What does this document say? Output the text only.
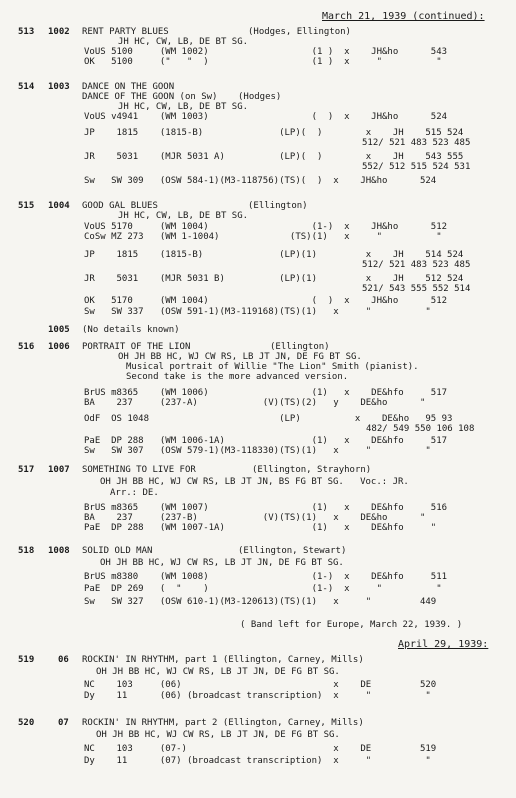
March 21, 1939 (continued):
513 1002 RENT PARTY BLUES	(Hodges, Ellington)
JH HC, CW, LB, DE BT SG.
VoUS 5100     (WM 1002)                   (1 )  x    JH&ho      543
OK   5100     ("   "  )                   (1 )  x     "          "
514 1003 DANCE ON THE GOON
DANCE OF THE GOON (on Sw) (Hodges)
JH HC, CW, LB, DE BT SG.
VoUS v4941    (WM 1003)                   (  )  x    JH&ho      524
JP    1815    (1815-B)              (LP)(  )        x    JH    515 524
512/ 521 483 523 485
JR    5031    (MJR 5031 A)          (LP)(  )        x    JH    543 555
552/ 512 515 524 531
Sw   SW 309   (OSW 584-1)(M3-118756)(TS)(  )  x    JH&ho      524
515 1004 GOOD GAL BLUES	(Ellington)
JH HC, CW, LB, DE BT SG.
VoUS 5170     (WM 1004)                   (1-)  x    JH&ho      512
CoSw MZ 273   (WM 1-1004)             (TS)(1)   x     "          "
JP    1815    (1815-B)              (LP)(1)         x    JH    514 524
512/ 521 483 523 485
JR    5031    (MJR 5031 B)          (LP)(1)         x    JH    512 524
521/ 543 555 552 514
OK   5170     (WM 1004)                   (  )  x    JH&ho      512
Sw   SW 337   (OSW 591-1)(M3-119168)(TS)(1)   x     "          "
1005 (No details known)
516 1006 PORTRAIT OF THE LION	(Ellington)
OH JH BB HC, WJ CW RS, LB JT JN, DE FG BT SG.
Musical portrait of Willie "The Lion" Smith (pianist).
Second take is the more advanced version.
BrUS m8365    (WM 1006)                   (1)   x    DE&hfo     517
BA    237     (237-A)            (V)(TS)(2)   y    DE&ho      "
OdF  OS 1048                        (LP)          x    DE&ho   95 93
482/ 549 550 106 108
PaE  DP 288   (WM 1006-1A)                (1)   x    DE&hfo     517
Sw   SW 307   (OSW 579-1)(M3-118330)(TS)(1)   x     "          "
517 1007 SOMETHING TO LIVE FOR	(Ellington, Strayhorn)
OH JH BB HC, WJ CW RS, LB JT JN, BS FG BT SG.   Voc.: JR.
Arr.: DE.
BrUS m8365    (WM 1007)                   (1)   x    DE&hfo     516
BA    237     (237-B)            (V)(TS)(1)   x    DE&ho      "
PaE  DP 288   (WM 1007-1A)                (1)   x    DE&hfo     "
518 1008 SOLID OLD MAN	(Ellington, Stewart)
OH JH BB HC, WJ CW RS, LB JT JN, DE FG BT SG.
BrUS m8380    (WM 1008)                   (1-)  x    DE&hfo     511
PaE  DP 269   (  "    )                   (1-)  x     "          "
Sw   SW 327   (OSW 610-1)(M3-120613)(TS)(1)   x     "         449
( Band left for Europe, March 22, 1939. )
April 29, 1939:
519	06 ROCKIN' IN RHYTHM, part 1 (Ellington, Carney, Mills)
OH JH BB HC, WJ CW RS, LB JT JN, DE FG BT SG.
NC    103     (06)                            x    DE         520
Dy    11      (06) (broadcast transcription)  x     "          "
520	07 ROCKIN' IN RHYTHM, part 2 (Ellington, Carney, Mills)
OH JH BB HC, WJ CW RS, LB JT JN, DE FG BT SG.
NC    103     (07-)                           x    DE         519
Dy    11      (07) (broadcast transcription)  x     "          "
